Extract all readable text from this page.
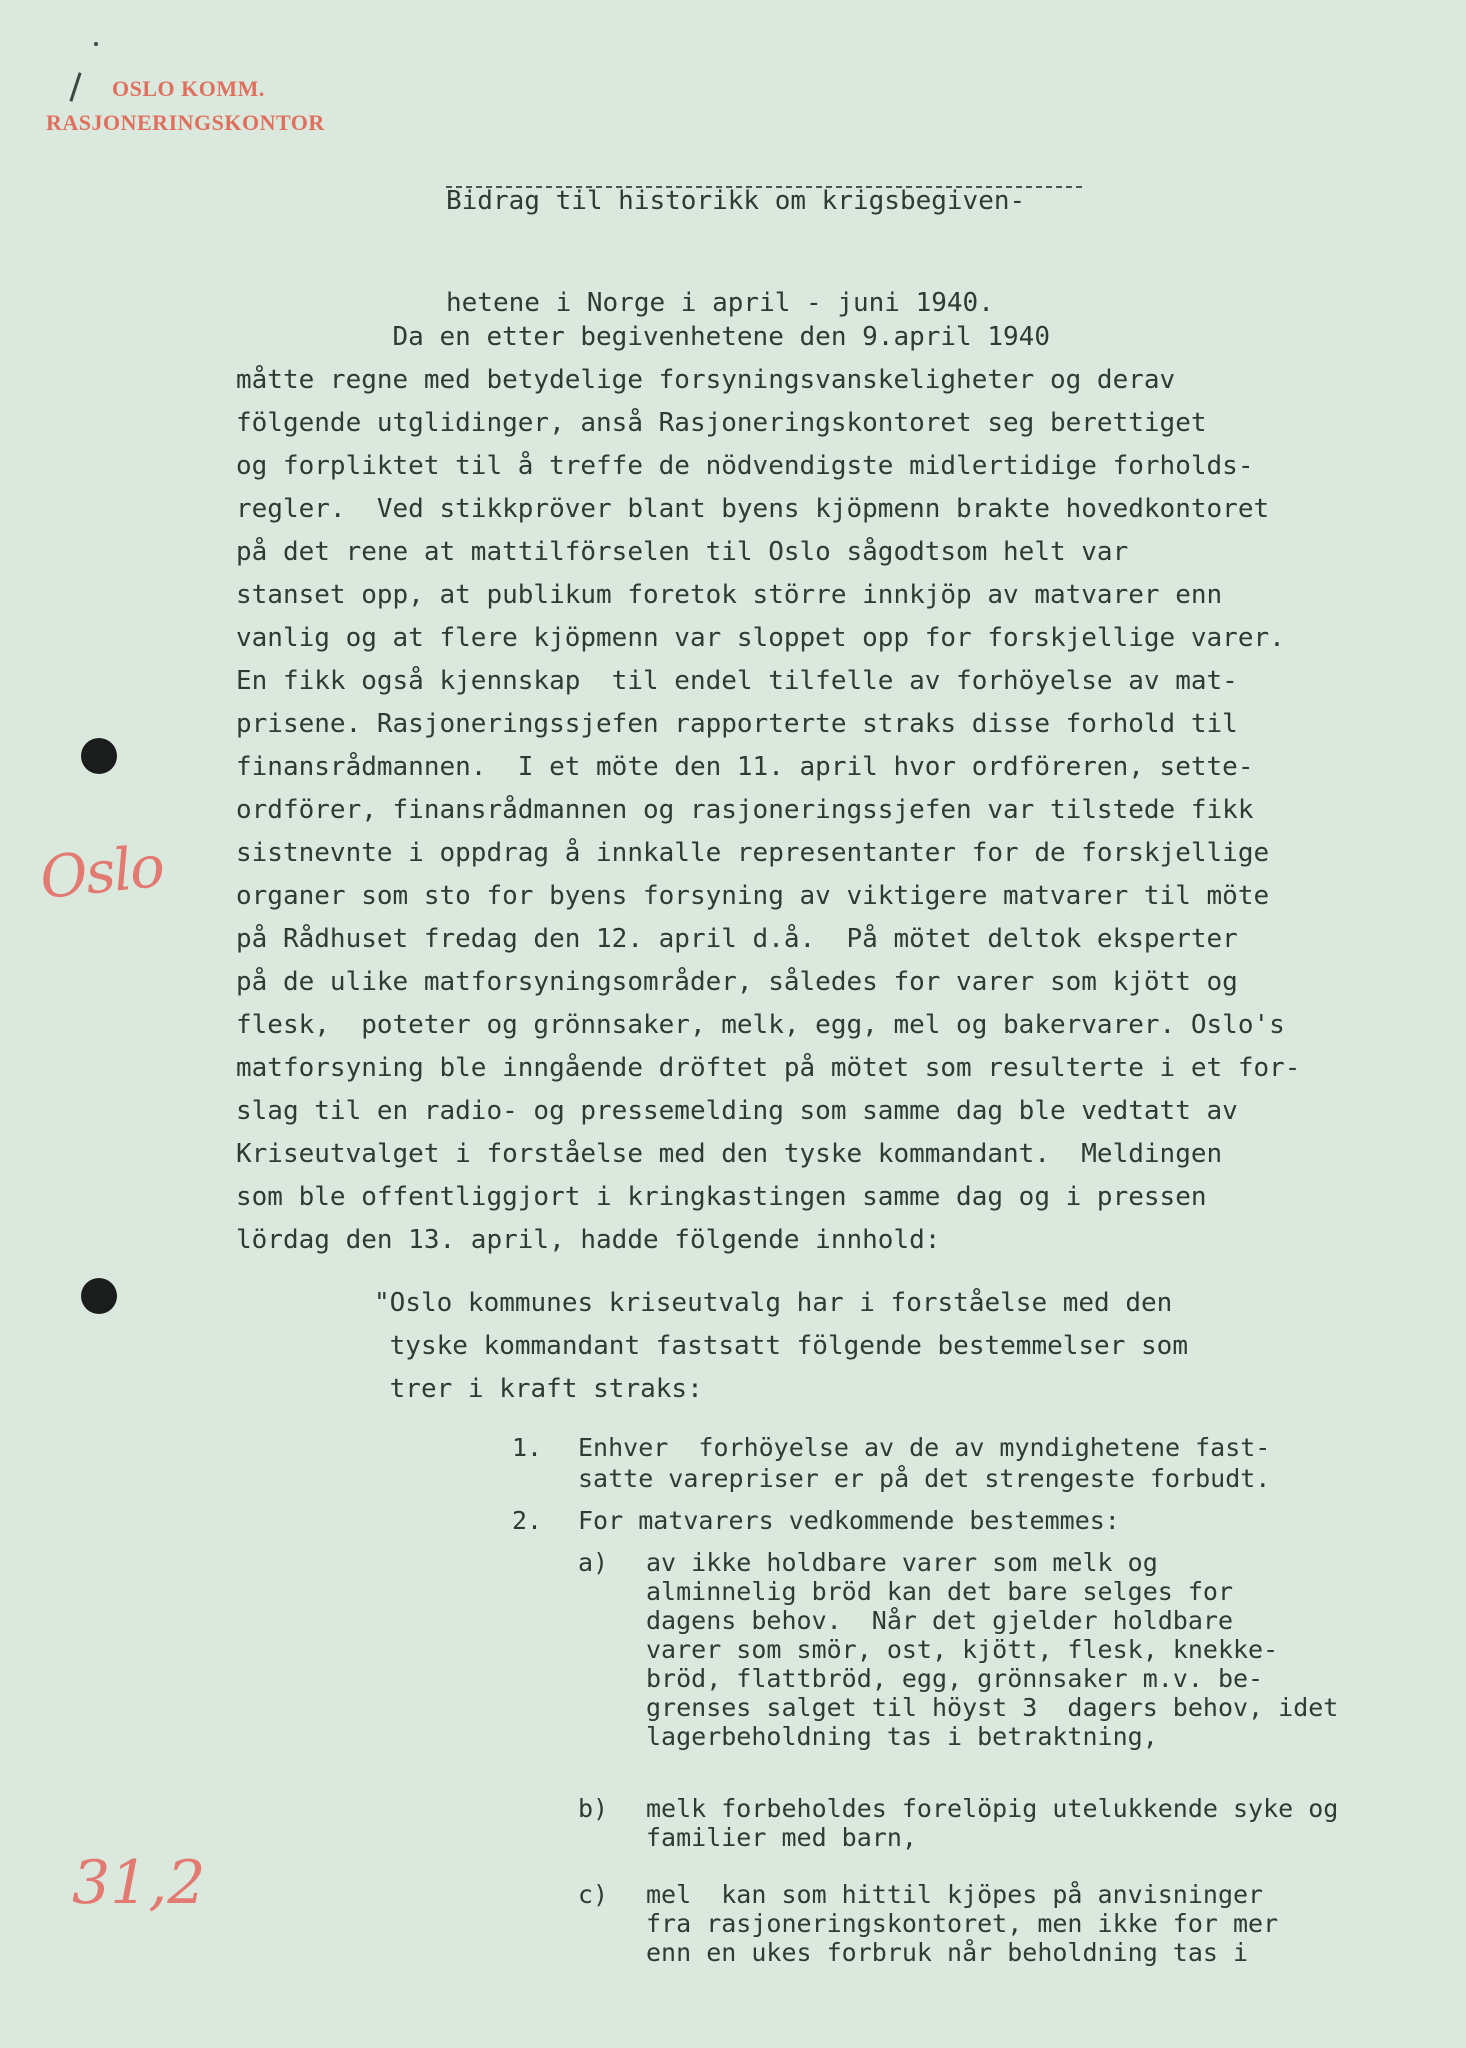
OSLO KOMM.
RASJONERINGSKONTOR
Oslo
31,2

Bidrag til historikk om krigsbegiven-

hetene i Norge i april - juni 1940.

Da en etter begivenhetene den 9.april 1940
måtte regne med betydelige forsyningsvanskeligheter og derav
fölgende utglidinger, anså Rasjoneringskontoret seg berettiget
og forpliktet til å treffe de nödvendigste midlertidige forholds-
regler.  Ved stikkpröver blant byens kjöpmenn brakte hovedkontoret
på det rene at mattilförselen til Oslo sågodtsom helt var
stanset opp, at publikum foretok större innkjöp av matvarer enn
vanlig og at flere kjöpmenn var sloppet opp for forskjellige varer.
En fikk også kjennskap  til endel tilfelle av forhöyelse av mat-
prisene. Rasjoneringssjefen rapporterte straks disse forhold til
finansrådmannen.  I et möte den 11. april hvor ordföreren, sette-
ordförer, finansrådmannen og rasjoneringssjefen var tilstede fikk
sistnevnte i oppdrag å innkalle representanter for de forskjellige
organer som sto for byens forsyning av viktigere matvarer til möte
på Rådhuset fredag den 12. april d.å.  På mötet deltok eksperter
på de ulike matforsyningsområder, således for varer som kjött og
flesk,  poteter og grönnsaker, melk, egg, mel og bakervarer. Oslo's
matforsyning ble inngående dröftet på mötet som resulterte i et for-
slag til en radio- og pressemelding som samme dag ble vedtatt av
Kriseutvalget i forståelse med den tyske kommandant.  Meldingen
som ble offentliggjort i kringkastingen samme dag og i pressen
lördag den 13. april, hadde fölgende innhold:
"Oslo kommunes kriseutvalg har i forståelse med den
tyske kommandant fastsatt fölgende bestemmelser som
trer i kraft straks:
1. Enhver  forhöyelse av de av myndighetene fast-
satte varepriser er på det strengeste forbudt.
2. For matvarers vedkommende bestemmes:
a) av ikke holdbare varer som melk og
alminnelig bröd kan det bare selges for
dagens behov.  Når det gjelder holdbare
varer som smör, ost, kjött, flesk, knekke-
bröd, flattbröd, egg, grönnsaker m.v. be-
grenses salget til höyst 3  dagers behov, idet
lagerbeholdning tas i betraktning,
b) melk forbeholdes forelöpig utelukkende syke og
familier med barn,
c) mel  kan som hittil kjöpes på anvisninger
fra rasjoneringskontoret, men ikke for mer
enn en ukes forbruk når beholdning tas i
